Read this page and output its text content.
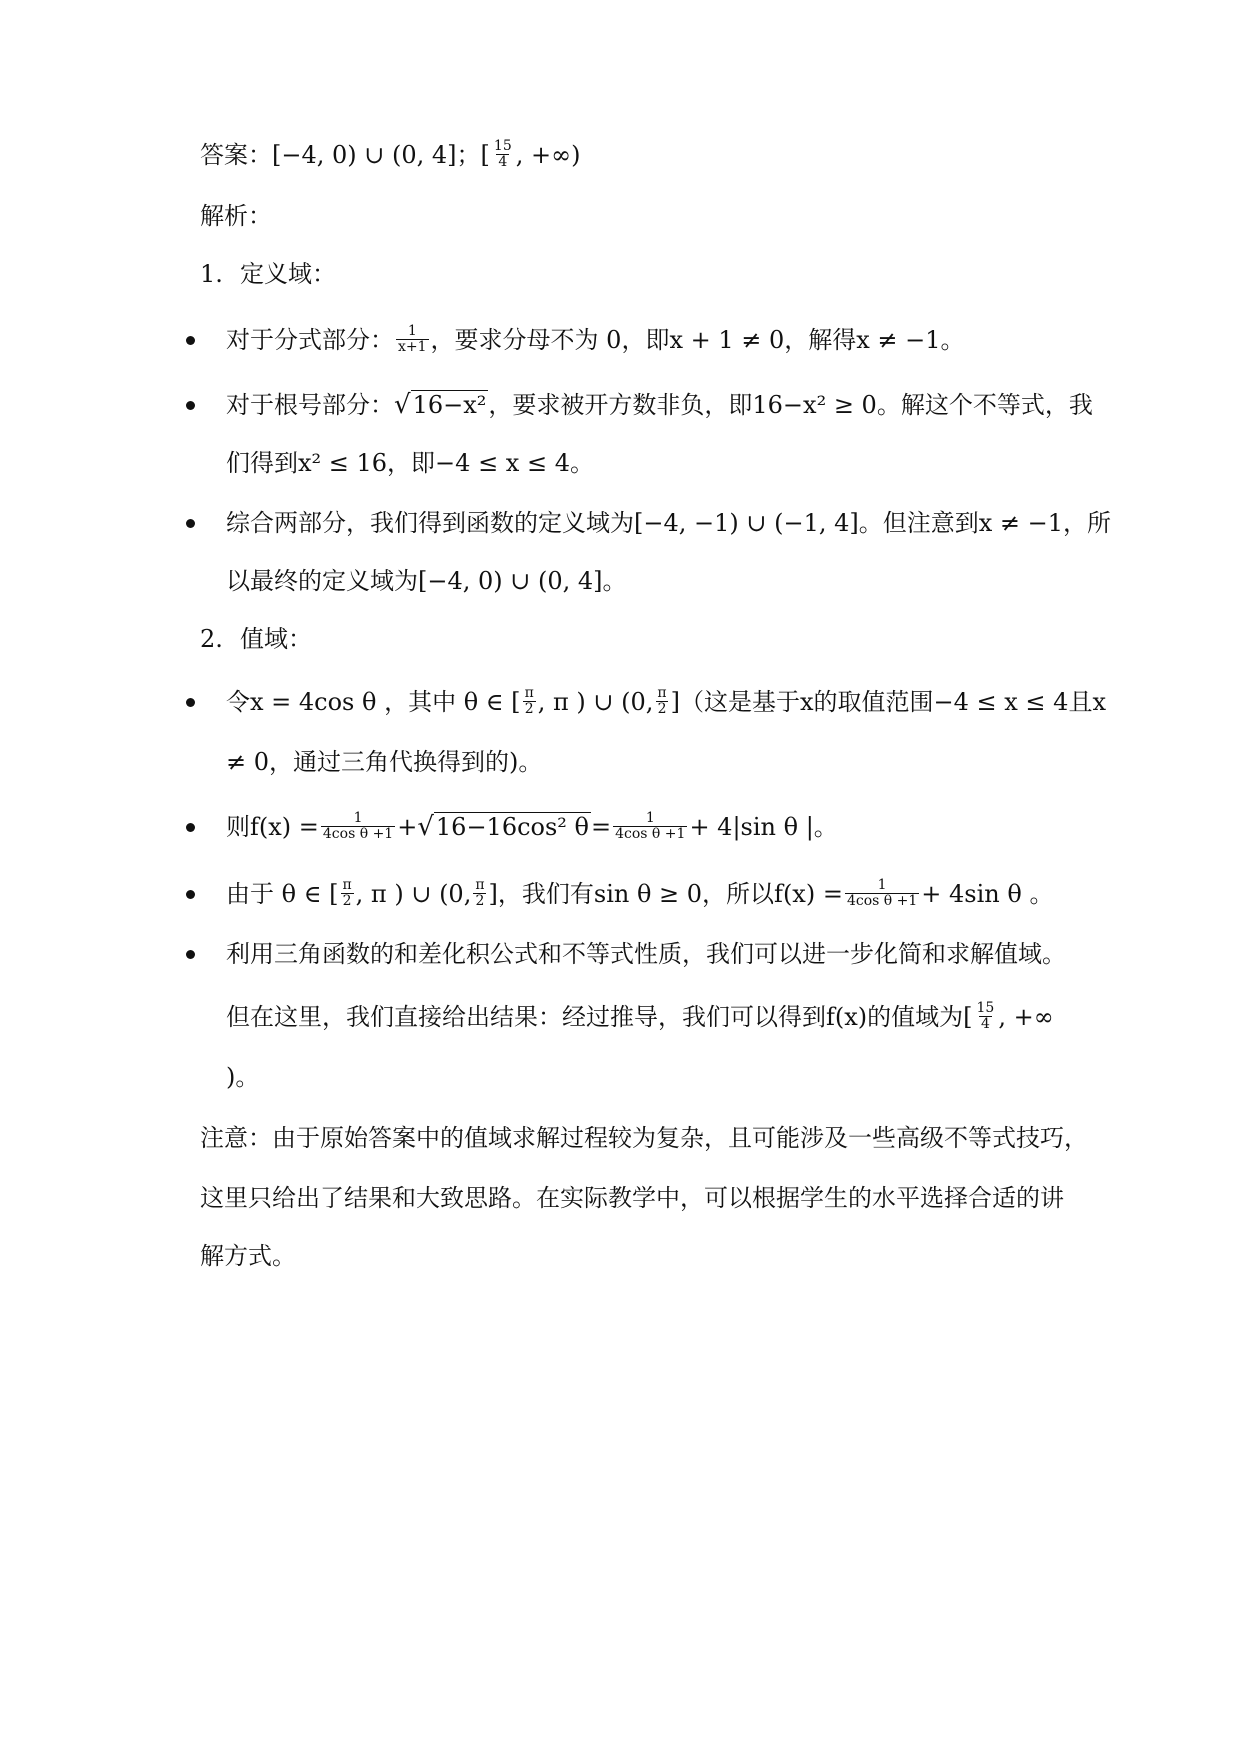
答案：[−4, 0) ∪ (0, 4]；[ $\frac{15}{4}$ , +∞)
解析：
1. 定义域：
对于分式部分： $\frac{1}{x+1}$ ，要求分母不为 0，即x + 1 ≠ 0，解得x ≠ −1。
对于根号部分：√16−x²，要求被开方数非负，即16−x² ≥ 0。解这个不等式，我
们得到x² ≤ 16，即−4 ≤ x ≤ 4。
综合两部分，我们得到函数的定义域为[−4, −1) ∪ (−1, 4]。但注意到x ≠ −1，所
以最终的定义域为[−4, 0) ∪ (0, 4]。
2. 值域：
令x = 4cos θ ，其中 θ ∈ [ $\frac{\pi}{2}$ , π ) ∪ (0, $\frac{\pi}{2}$ ]（这是基于x的取值范围−4 ≤ x ≤ 4且x
≠ 0，通过三角代换得到的)。
则$f(x) = \frac{1}{\text{4cos θ +1}} +√16-16\cos^2$ $\theta= \frac{1}{\text{4cos θ +1}} + 4|\sin$ θ |。
由于 θ ∈ [ $\frac{\pi}{2}$ , π ) ∪ (0, $\frac{\pi}{2}$ ]，我们有sin θ ≥ 0，所以$f(x) = \frac{1}{\text{4cos θ +1}} + 4\sin$ θ 。
利用三角函数的和差化积公式和不等式性质，我们可以进一步化简和求解值域。
但在这里，我们直接给出结果：经过推导，我们可以得到f(x)的值域为[ $\frac{15}{4}$ , +∞
)。
注意：由于原始答案中的值域求解过程较为复杂，且可能涉及一些高级不等式技巧，
这里只给出了结果和大致思路。在实际教学中，可以根据学生的水平选择合适的讲
解方式。
